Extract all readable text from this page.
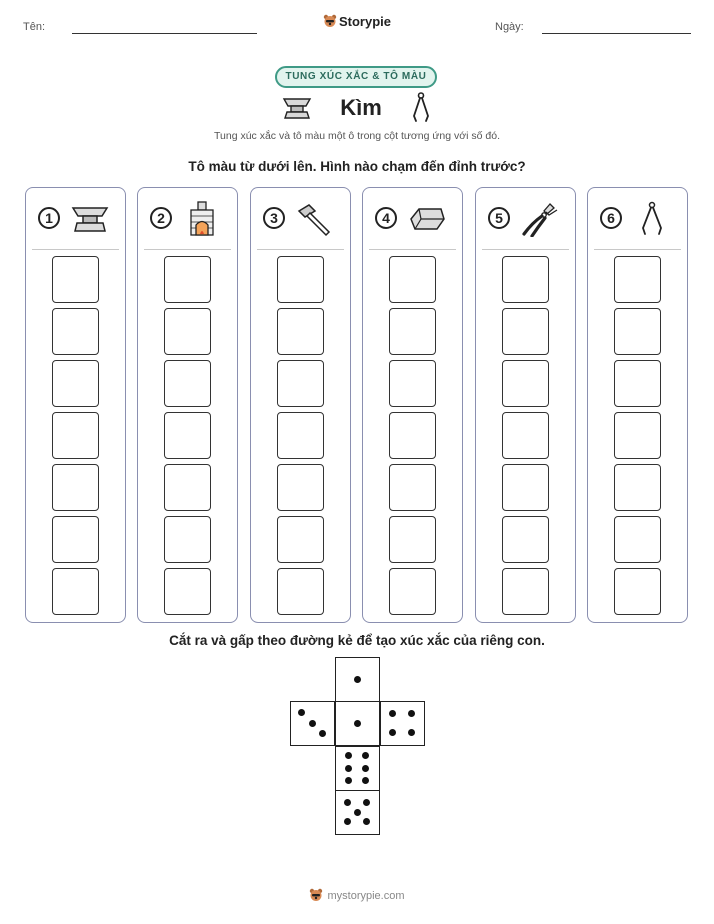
Tên:	Storypie	Ngày:
TUNG XÚC XẮC & TÔ MÀU
Kìm
Tung xúc xắc và tô màu một ô trong cột tương ứng với số đó.
Tô màu từ dưới lên. Hình nào chạm đến đỉnh trước?
1	2	3	4	5	6
Cắt ra và gấp theo đường kẻ để tạo xúc xắc của riêng con.
mystorypie.com
